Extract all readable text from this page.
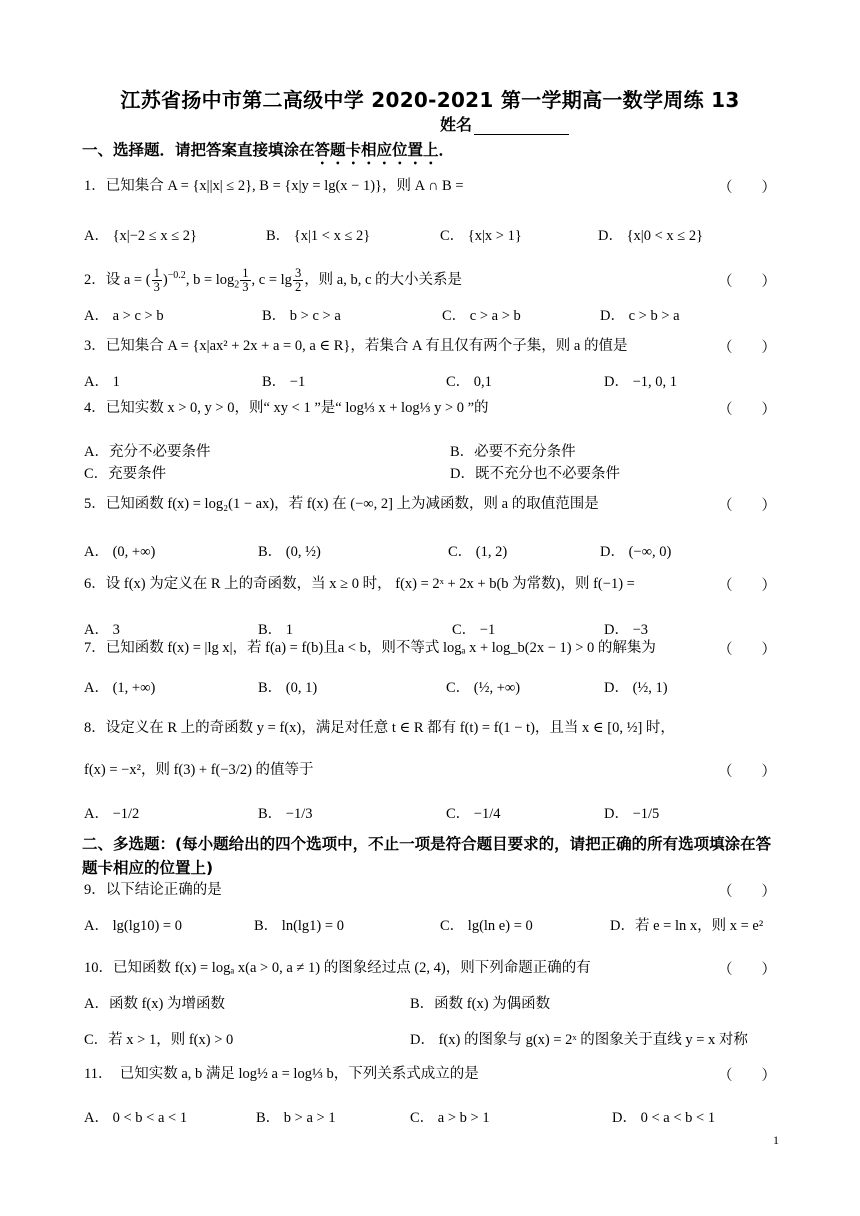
江苏省扬中市第二高级中学 2020-2021 第一学期高一数学周练 13
姓名
一、选择题．请把答案直接填涂在答题卡相应位置上．
1．已知集合 A = {x||x| ≤ 2}, B = {x|y = lg(x − 1)}，则 A ∩ B =	（　　）
A． {x|−2 ≤ x ≤ 2}	B． {x|1 < x ≤ 2}	C． {x|x > 1}	D． {x|0 < x ≤ 2}
2．设 a = ( $\frac{1}{3} )^{-0.2}$, $b = \log_2 \frac{1}{3}$ , $c = \lg \frac{3}{2}$ ，则 a, b, c 的大小关系是	（　　）
A． a > c > b	B． b > c > a	C． c > a > b	D． c > b > a
3．已知集合 A = {x|ax² + 2x + a = 0, a ∈ R}，若集合 A 有且仅有两个子集，则 a 的值是	（　　）
A． 1	B． −1	C． 0,1	D． −1, 0, 1
4．已知实数 x > 0, y > 0，则“ xy < 1 ”是“ log⅓ x + log⅓ y > 0 ”的	（　　）
A．充分不必要条件	B．必要不充分条件
C．充要条件	D．既不充分也不必要条件
5．已知函数 f(x) = log₂(1 − ax)，若 f(x) 在 (−∞, 2] 上为减函数，则 a 的取值范围是	（　　）
A． (0, +∞)	B． (0, ½)	C． (1, 2)	D． (−∞, 0)
6．设 f(x) 为定义在 R 上的奇函数，当 x ≥ 0 时， f(x) = 2ˣ + 2x + b(b 为常数)，则 f(−1) =	（　　）
A． 3	B． 1	C． −1	D． −3
7．已知函数 f(x) = |lg x|，若 f(a) = f(b)且a < b，则不等式 logₐ x + log_b(2x − 1) > 0 的解集为	（　　）
A． (1, +∞)	B． (0, 1)	C． (½, +∞)	D． (½, 1)
8．设定义在 R 上的奇函数 y = f(x)，满足对任意 t ∈ R 都有 f(t) = f(1 − t)，且当 x ∈ [0, ½] 时，
f(x) = −x²，则 f(3) + f(−3/2) 的值等于	（　　）
A． −1/2	B． −1/3	C． −1/4	D． −1/5
二、多选题：(每小题给出的四个选项中，不止一项是符合题目要求的，请把正确的所有选项填涂在答题卡相应的位置上)
9．以下结论正确的是	（　　）
A． lg(lg10) = 0	B． ln(lg1) = 0	C． lg(ln e) = 0	D．若 e = ln x，则 x = e²
10．已知函数 f(x) = logₐ x(a > 0, a ≠ 1) 的图象经过点 (2, 4)，则下列命题正确的有	（　　）
A．函数 f(x) 为增函数	B．函数 f(x) 为偶函数
C．若 x > 1，则 f(x) > 0	D． f(x) 的图象与 g(x) = 2ˣ 的图象关于直线 y = x 对称
11．　已知实数 a, b 满足 log½ a = log⅓ b，下列关系式成立的是	（　　）
A． 0 < b < a < 1	B． b > a > 1	C． a > b > 1	D． 0 < a < b < 1
1
